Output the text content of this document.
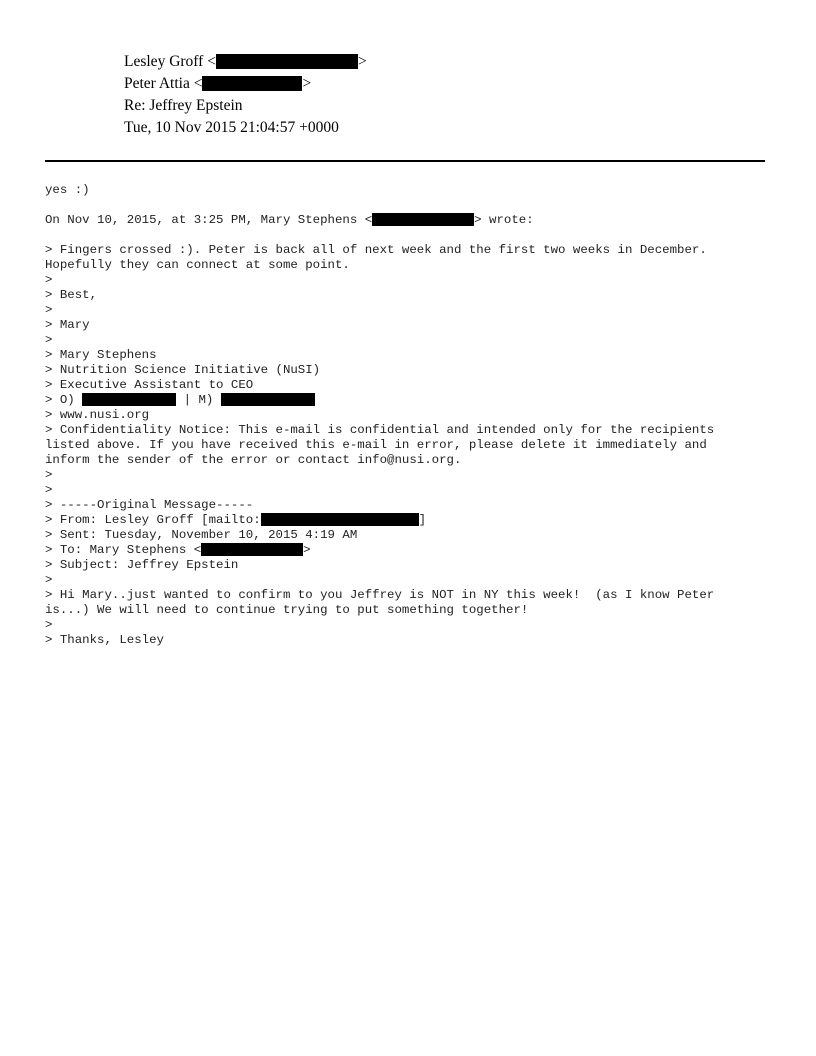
Lesley Groff <	>
Peter Attia <	>
Re: Jeffrey Epstein
Tue, 10 Nov 2015 21:04:57 +0000
yes :)
On Nov 10, 2015, at 3:25 PM, Mary Stephens <	> wrote:
> Fingers crossed :). Peter is back all of next week and the first two weeks in December.
Hopefully they can connect at some point.
>
> Best,
>
> Mary
>
> Mary Stephens
> Nutrition Science Initiative (NuSI)
> Executive Assistant to CEO
> O)	| M)
> www.nusi.org
> Confidentiality Notice: This e-mail is confidential and intended only for the recipients
listed above. If you have received this e-mail in error, please delete it immediately and
inform the sender of the error or contact info@nusi.org.
>
>
> -----Original Message-----
> From: Lesley Groff [mailto:	]
> Sent: Tuesday, November 10, 2015 4:19 AM
> To: Mary Stephens <	>
> Subject: Jeffrey Epstein
>
> Hi Mary..just wanted to confirm to you Jeffrey is NOT in NY this week!  (as I know Peter
is...) We will need to continue trying to put something together!
>
> Thanks, Lesley
